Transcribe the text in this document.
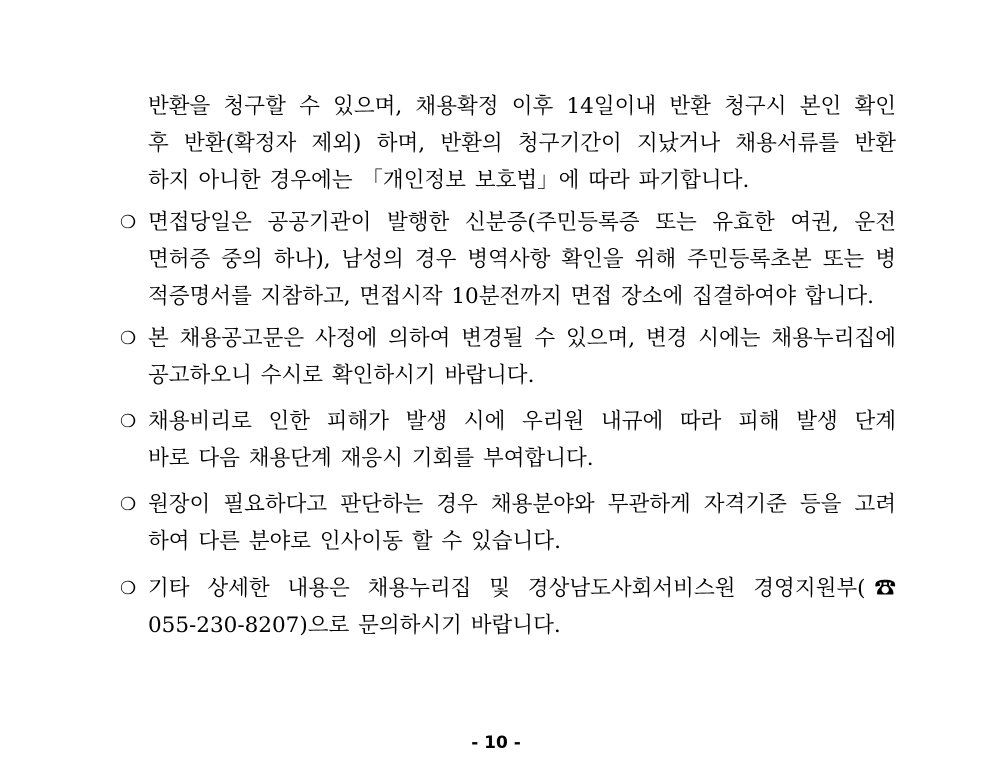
반환을 청구할 수 있으며, 채용확정 이후 14일이내 반환 청구시 본인 확인
후 반환(확정자 제외) 하며, 반환의 청구기간이 지났거나 채용서류를 반환
하지 아니한 경우에는 「개인정보 보호법」에 따라 파기합니다.
❍ 면접당일은 공공기관이 발행한 신분증(주민등록증 또는 유효한 여권, 운전
면허증 중의 하나), 남성의 경우 병역사항 확인을 위해 주민등록초본 또는 병
적증명서를 지참하고, 면접시작 10분전까지 면접 장소에 집결하여야 합니다.
❍ 본 채용공고문은 사정에 의하여 변경될 수 있으며, 변경 시에는 채용누리집에
공고하오니 수시로 확인하시기 바랍니다.
❍ 채용비리로 인한 피해가 발생 시에 우리원 내규에 따라 피해 발생 단계
바로 다음 채용단계 재응시 기회를 부여합니다.
❍ 원장이 필요하다고 판단하는 경우 채용분야와 무관하게 자격기준 등을 고려
하여 다른 분야로 인사이동 할 수 있습니다.
❍ 기타 상세한 내용은 채용누리집 및 경상남도사회서비스원 경영지원부(☎
055-230-8207)으로 문의하시기 바랍니다.
- 10 -
